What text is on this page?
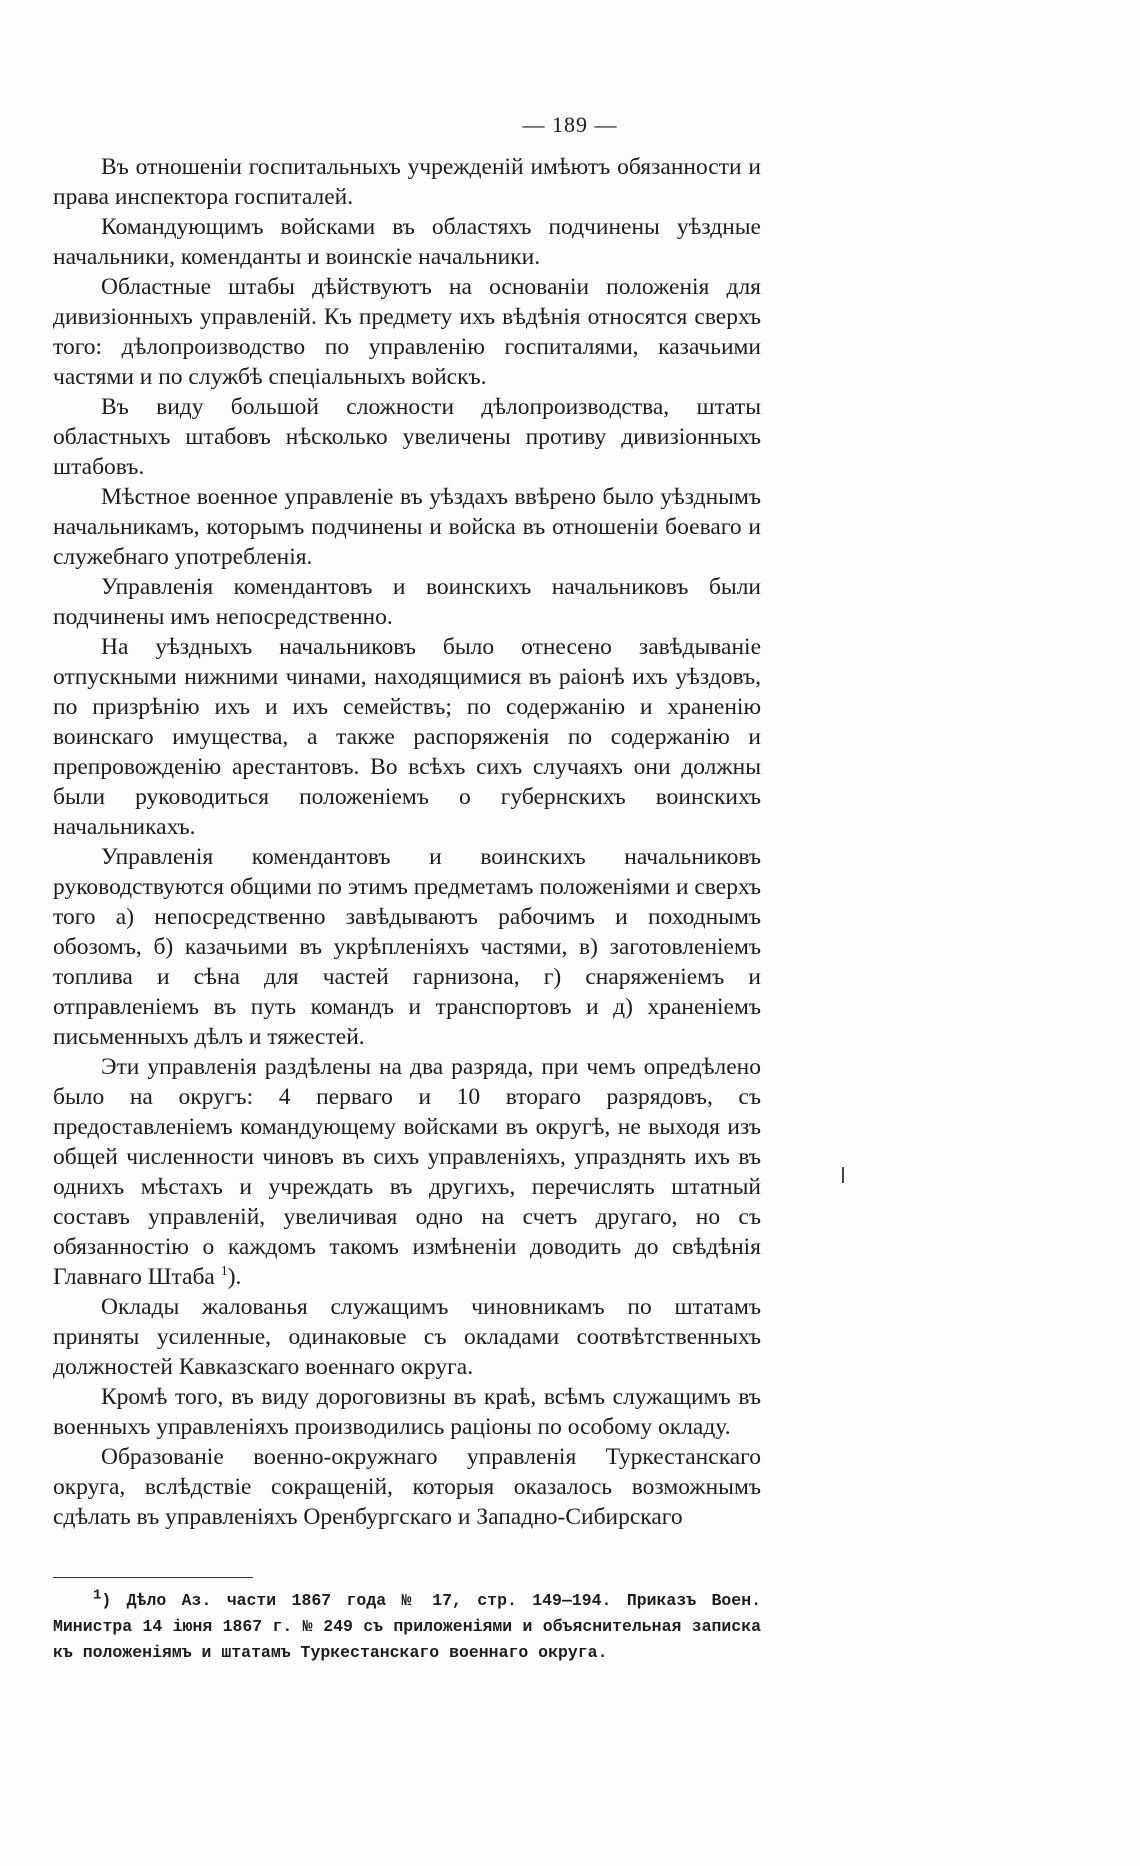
— 189 —

Въ отношеніи госпитальныхъ учрежденій имѣютъ обязанности и права инспектора госпиталей.

Командующимъ войсками въ областяхъ подчинены уѣздные начальники, коменданты и воинскіе начальники.

Областные штабы дѣйствуютъ на основаніи положенія для дивизіонныхъ управленій. Къ предмету ихъ вѣдѣнія относятся сверхъ того: дѣлопроизводство по управленію госпиталями, казачьими частями и по службѣ спеціальныхъ войскъ.

Въ виду большой сложности дѣлопроизводства, штаты областныхъ штабовъ нѣсколько увеличены противу дивизіонныхъ штабовъ.

Мѣстное военное управленіе въ уѣздахъ ввѣрено было уѣзднымъ начальникамъ, которымъ подчинены и войска въ отношеніи боеваго и служебнаго употребленія.

Управленія комендантовъ и воинскихъ начальниковъ были подчинены имъ непосредственно.

На уѣздныхъ начальниковъ было отнесено завѣдываніе отпускными нижними чинами, находящимися въ раіонѣ ихъ уѣздовъ, по призрѣнію ихъ и ихъ семействъ; по содержанію и храненію воинскаго имущества, а также распоряженія по содержанію и препровожденію арестантовъ. Во всѣхъ сихъ случаяхъ они должны были руководиться положеніемъ о губернскихъ воинскихъ начальникахъ.

Управленія комендантовъ и воинскихъ начальниковъ руководствуются общими по этимъ предметамъ положеніями и сверхъ того а) непосредственно завѣдываютъ рабочимъ и походнымъ обозомъ, б) казачьими въ укрѣпленіяхъ частями, в) заготовленіемъ топлива и сѣна для частей гарнизона, г) снаряженіемъ и отправленіемъ въ путь командъ и транспортовъ и д) храненіемъ письменныхъ дѣлъ и тяжестей.

Эти управленія раздѣлены на два разряда, при чемъ опредѣлено было на округъ: 4 перваго и 10 втораго разрядовъ, съ предоставленіемъ командующему войсками въ округѣ, не выходя изъ общей численности чиновъ въ сихъ управленіяхъ, упразднять ихъ въ однихъ мѣстахъ и учреждать въ другихъ, перечислять штатный составъ управленій, увеличивая одно на счетъ другаго, но съ обязанностію о каждомъ такомъ измѣненіи доводить до свѣдѣнія Главнаго Штаба $^1$).

Оклады жалованья служащимъ чиновникамъ по штатамъ приняты усиленные, одинаковые съ окладами соотвѣтственныхъ должностей Кавказскаго военнаго округа.

Кромѣ того, въ виду дороговизны въ краѣ, всѣмъ служащимъ въ военныхъ управленіяхъ производились раціоны по особому окладу.

Образованіе военно-окружнаго управленія Туркестанскаго округа, вслѣдствіе сокращеній, которыя оказалось возможнымъ сдѣлать въ управленіяхъ Оренбургскаго и Западно-Сибирскаго

$^1$) Дѣло Аз. части 1867 года № 17, стр. 149—194. Приказъ Воен. Министра 14 іюня 1867 г. № 249 съ приложеніями и объяснительная записка къ положеніямъ и штатамъ Туркестанскаго военнаго округа.
